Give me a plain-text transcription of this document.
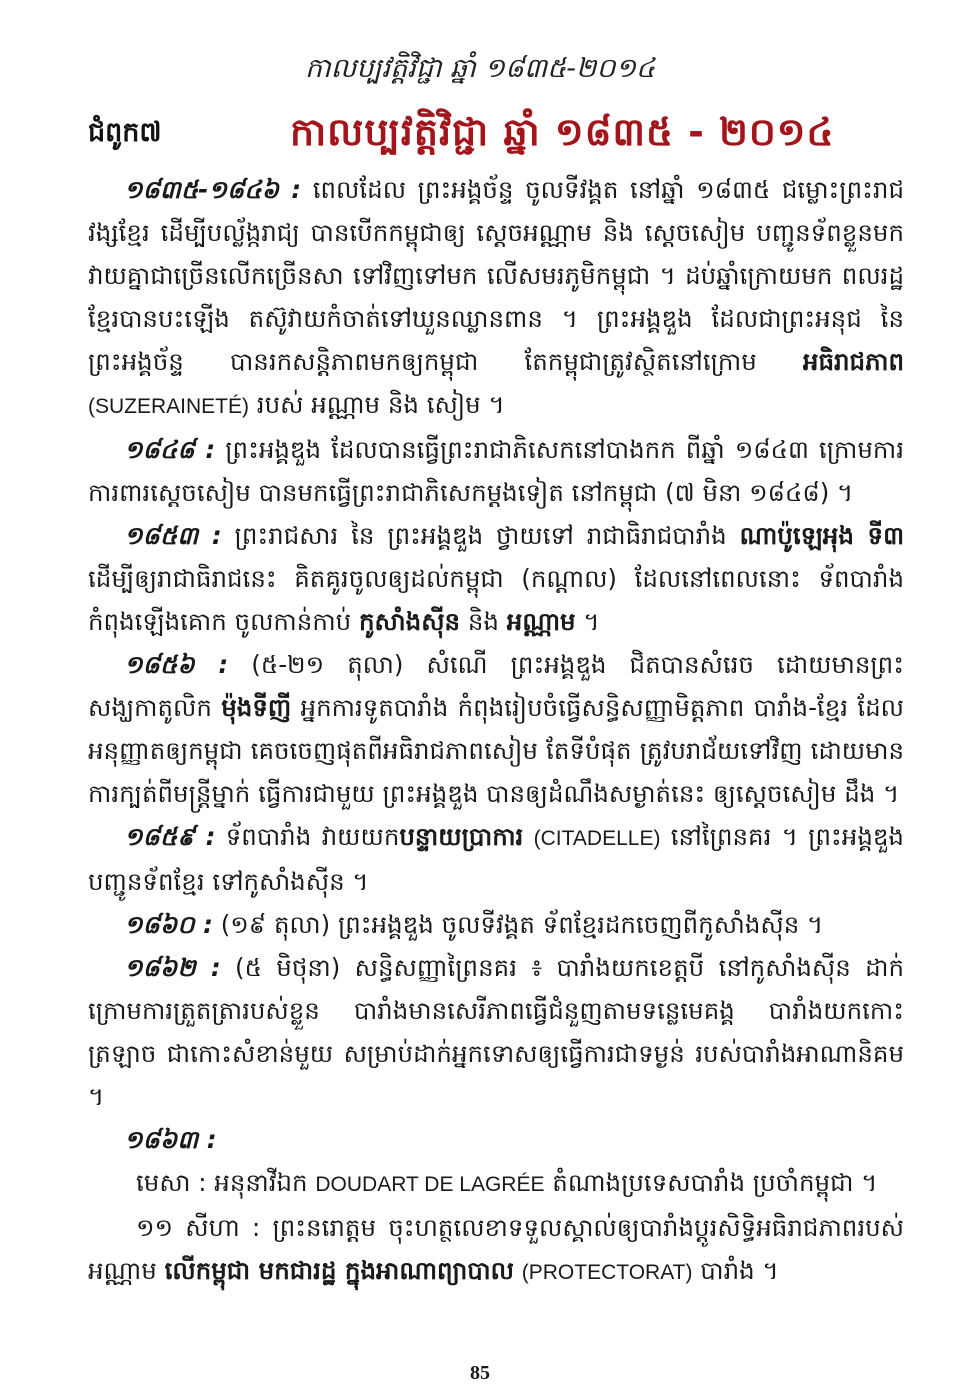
កាលប្បវត្តិវិជ្ជា ឆ្នាំ ១៨៣៥-២០១៤
ជំពូក៧	កាលប្បវត្តិវិជ្ជា ឆ្នាំ ១៨៣៥ - ២០១៤

១៨៣៥-១៨៤៦ : ពេលដែល ព្រះអង្គច័ន្ទ ចូលទីវង្គត នៅឆ្នាំ ១៨៣៥ ជម្លោះព្រះរាជវង្សខ្មែរ ដើម្បីបល្ល័ង្ករាជ្យ បានបើកកម្ពុជាឲ្យ ស្តេចអណ្ណាម និង ស្តេចសៀម បញ្ជូនទ័ពខ្លួនមកវាយគ្នាជាច្រើនលើកច្រើនសា ទៅវិញទៅមក លើសមរភូមិកម្ពុជា ។ ដប់ឆ្នាំក្រោយមក ពលរដ្ឋខ្មែរបានបះឡើង តស៊ូវាយកំចាត់ទៅឃួនឈ្លានពាន ។ ព្រះអង្គឌួង ដែលជាព្រះអនុជ នៃ ព្រះអង្គច័ន្ទ បានរកសន្តិភាពមកឲ្យកម្ពុជា តែកម្ពុជាត្រូវស្ថិតនៅក្រោម អធិរាជភាព (SUZERAINETÉ) របស់ អណ្ណាម និង សៀម ។

១៨៤៨ : ព្រះអង្គឌួង ដែលបានធ្វើព្រះរាជាភិសេកនៅបាងកក ពីឆ្នាំ ១៨៤៣ ក្រោមការ ការពារស្តេចសៀម បានមកធ្វើព្រះរាជាភិសេកម្តងទៀត នៅកម្ពុជា (៧ មិនា ១៨៤៨) ។

១៨៥៣ : ព្រះរាជសារ នៃ ព្រះអង្គឌួង ថ្វាយទៅ រាជាធិរាជបារាំង ណាប៉ូឡេអុង ទី៣ ដើម្បីឲ្យរាជាធិរាជនេះ គិតគូរចូលឲ្យដល់កម្ពុជា (កណ្តាល) ដែលនៅពេលនោះ ទ័ពបារាំងកំពុងឡើងគោក ចូលកាន់កាប់ កូសាំងស៊ីន និង អណ្ណាម ។

១៨៥៦ : (៥-២១ តុលា) សំណើ ព្រះអង្គឌួង ជិតបានសំរេច ដោយមានព្រះសង្ឃកាតូលិក ម៉ុងទីញី អ្នកការទូតបារាំង កំពុងរៀបចំធ្វើសន្ធិសញ្ញាមិត្តភាព បារាំង-ខ្មែរ ដែលអនុញ្ញាតឲ្យកម្ពុជា គេចចេញផុតពីអធិរាជភាពសៀម តែទីបំផុត ត្រូវបរាជ័យទៅវិញ ដោយមានការក្បត់ពីមន្ត្រីម្នាក់ ធ្វើការជាមួយ ព្រះអង្គឌួង បានឲ្យដំណឹងសម្ងាត់នេះ ឲ្យស្តេចសៀម ដឹង ។

១៨៥៩ : ទ័ពបារាំង វាយយកបន្ទាយប្រាការ (CITADELLE) នៅព្រៃនគរ ។ ព្រះអង្គឌួង បញ្ជូនទ័ពខ្មែរ ទៅកូសាំងស៊ីន ។

១៨៦០ : (១៩ តុលា) ព្រះអង្គឌួង ចូលទីវង្គត ទ័ពខ្មែរដកចេញពីកូសាំងស៊ីន ។

១៨៦២ : (៥ មិថុនា) សន្ធិសញ្ញាព្រៃនគរ ៖ បារាំងយកខេត្តបី នៅកូសាំងស៊ីន ដាក់ក្រោមការត្រួតត្រារបស់ខ្លួន បារាំងមានសេរីភាពធ្វើជំនួញតាមទន្លេមេគង្គ បារាំងយកកោះត្រឡាច ជាកោះសំខាន់មួយ សម្រាប់ដាក់អ្នកទោសឲ្យធ្វើការជាទម្ងន់ របស់បារាំងអាណានិគម ។

១៨៦៣ :

មេសា : អនុនាវីឯក DOUDART DE LAGRÉE តំណាងប្រទេសបារាំង ប្រចាំកម្ពុជា ។

១១ សីហា : ព្រះនរោត្តម ចុះហត្ថលេខាទទួលស្គាល់ឲ្យបារាំងប្តូរសិទ្ធិអធិរាជភាពរបស់អណ្ណាម លើកម្ពុជា មកជារដ្ឋ ក្នុងអាណាព្យាបាល (PROTECTORAT) បារាំង ។

85
